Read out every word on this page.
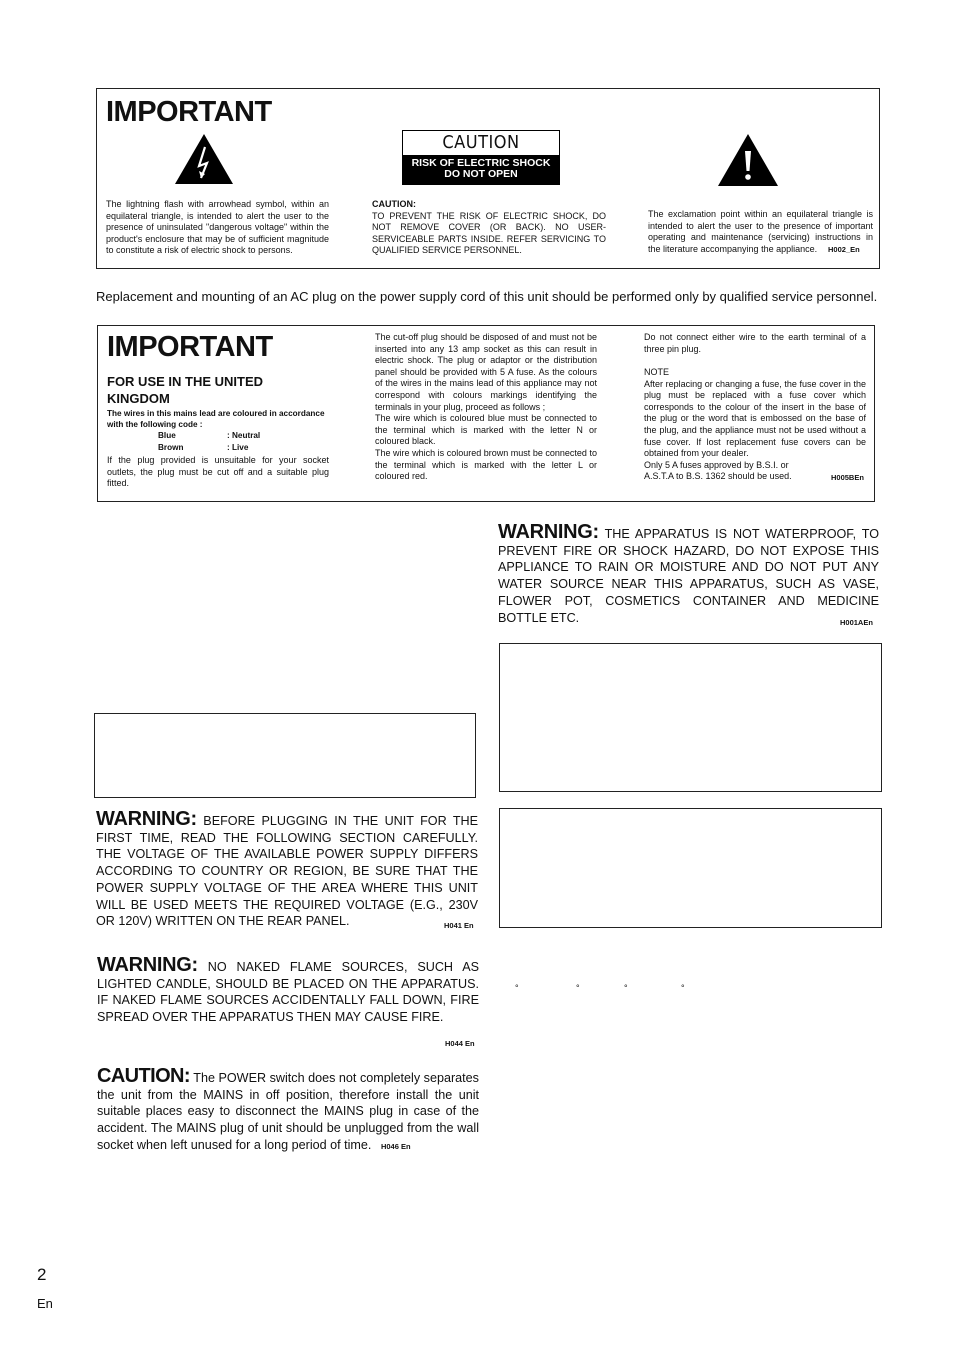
IMPORTANT
CAUTION
RISK OF ELECTRIC SHOCK
DO NOT OPEN
The lightning flash with arrowhead symbol, within an equilateral triangle, is intended to alert the user to the presence of uninsulated "dangerous voltage" within the product's enclosure that may be of sufficient magnitude to constitute a risk of electric shock to persons.
CAUTION:
TO PREVENT THE RISK OF ELECTRIC SHOCK, DO NOT REMOVE COVER (OR BACK). NO USER-SERVICEABLE PARTS INSIDE. REFER SERVICING TO QUALIFIED SERVICE PERSONNEL.
The exclamation point within an equilateral triangle is intended to alert the user to the presence of important operating and maintenance (servicing) instructions in the literature accompanying the appliance.	H002_En
Replacement and mounting of an AC plug on the power supply cord of this unit should be performed only by qualified service personnel.
IMPORTANT
FOR USE IN THE UNITED
KINGDOM
The wires in this mains lead are coloured in accordance with the following code :
Blue	: Neutral
Brown	: Live
If the plug provided is unsuitable for your socket outlets, the plug must be cut off and a suitable plug fitted.
The cut-off plug should be disposed of and must not be inserted into any 13 amp socket as this can result in electric shock. The plug or adaptor or the distribution panel should be provided with 5 A fuse. As the colours of the wires in the mains lead of this appliance may not correspond with colours markings identifying the terminals in your plug, proceed as follows ;
The wire which is coloured blue must be connected to the terminal which is marked with the letter N or coloured black.
The wire which is coloured brown must be connected to the terminal which is marked with the letter L or coloured red.
Do not connect either wire to the earth terminal of a three pin plug.
NOTE
After replacing or changing a fuse, the fuse cover in the plug must be replaced with a fuse cover which corresponds to the colour of the insert in the base of the plug or the word that is embossed on the base of the plug, and the appliance must not be used without a fuse cover. If lost replacement fuse covers can be obtained from your dealer.
Only 5 A fuses approved by B.S.I. or A.S.T.A to B.S. 1362 should be used.	H005BEn
WARNING: THE APPARATUS IS NOT WATERPROOF, TO PREVENT FIRE OR SHOCK HAZARD, DO NOT EXPOSE THIS APPLIANCE TO RAIN OR MOISTURE AND DO NOT PUT ANY WATER SOURCE NEAR THIS APPARATUS, SUCH AS VASE, FLOWER POT, COSMETICS CONTAINER AND MEDICINE BOTTLE ETC.	H001AEn
WARNING: BEFORE PLUGGING IN THE UNIT FOR THE FIRST TIME, READ THE FOLLOWING SECTION CAREFULLY. THE VOLTAGE OF THE AVAILABLE POWER SUPPLY DIFFERS ACCORDING TO COUNTRY OR REGION, BE SURE THAT THE POWER SUPPLY VOLTAGE OF THE AREA WHERE THIS UNIT WILL BE USED MEETS THE REQUIRED VOLTAGE (E.G., 230V OR 120V) WRITTEN ON THE REAR PANEL.	H041 En
WARNING: NO NAKED FLAME SOURCES, SUCH AS LIGHTED CANDLE, SHOULD BE PLACED ON THE APPARATUS. IF NAKED FLAME SOURCES ACCIDENTALLY FALL DOWN, FIRE SPREAD OVER THE APPARATUS THEN MAY CAUSE FIRE.
H044 En
°	°	°	°
CAUTION: The POWER switch does not completely separates the unit from the MAINS in off position, therefore install the unit suitable places easy to disconnect the MAINS plug in case of the accident. The MAINS plug of unit should be unplugged from the wall socket when left unused for a long period of time. H046 En
2
En
